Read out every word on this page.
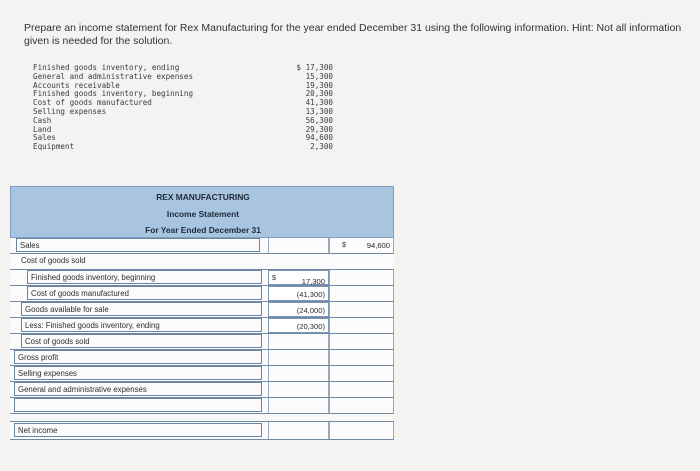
Prepare an income statement for Rex Manufacturing for the year ended December 31 using the following information. Hint: Not all information given is needed for the solution.
Finished goods inventory, ending	$ 17,300
General and administrative expenses	15,300
Accounts receivable	19,300
Finished goods inventory, beginning	20,300
Cost of goods manufactured	41,300
Selling expenses	13,300
Cash	56,300
Land	29,300
Sales	94,600
Equipment	2,300
REX MANUFACTURING
Income Statement
For Year Ended December 31
Sales	$	94,600
Cost of goods sold
Finished goods inventory, beginning	$	17,300
Cost of goods manufactured	(41,300)
Goods available for sale	(24,000)
Less: Finished goods inventory, ending	(20,300)
Cost of goods sold
Gross profit
Selling expenses
General and administrative expenses
Net income
